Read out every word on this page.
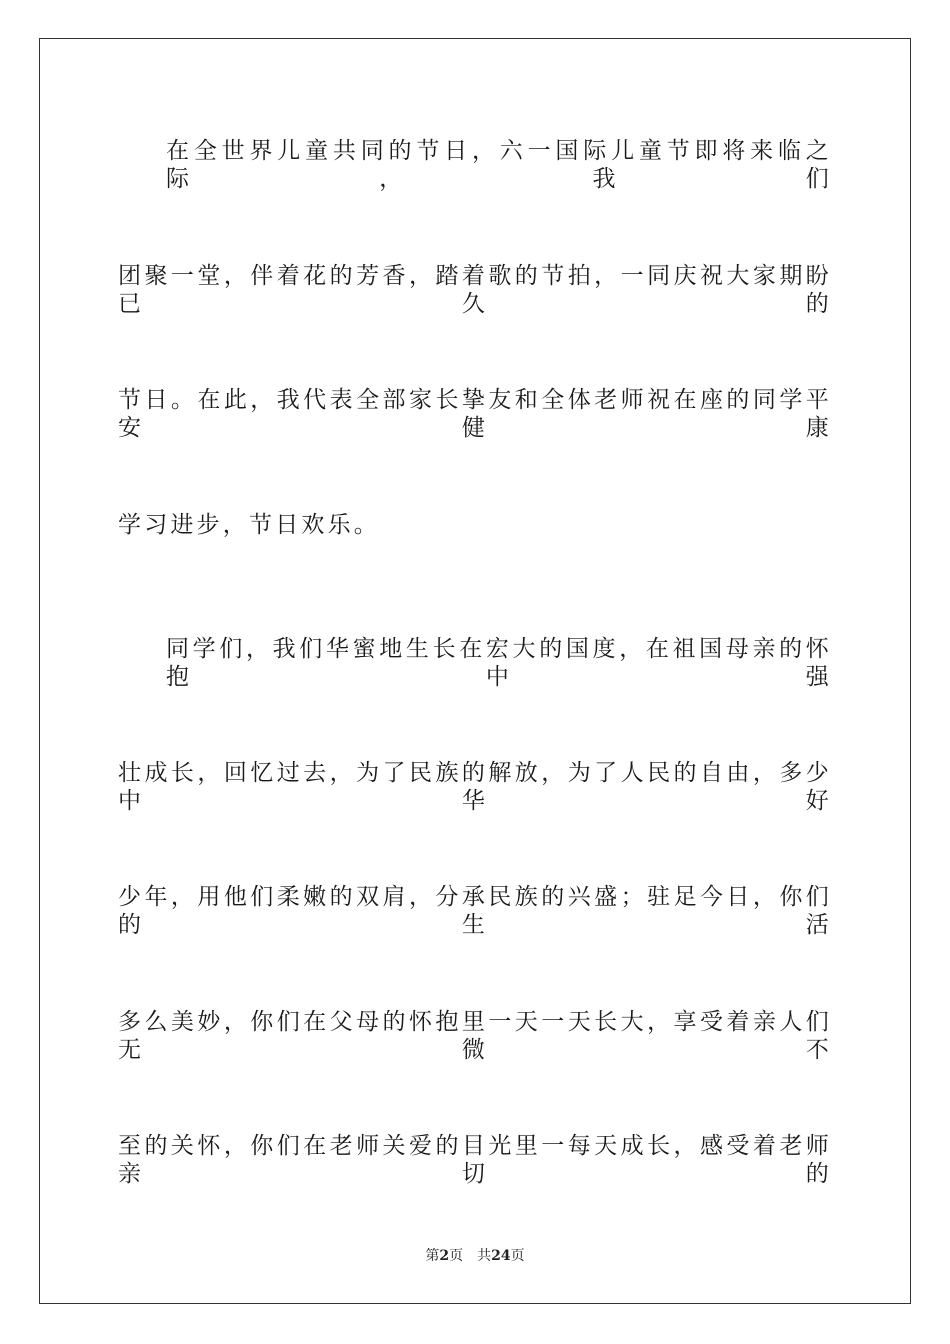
在全世界儿童共同的节日，六一国际儿童节即将来临之际，我们
团聚一堂，伴着花的芳香，踏着歌的节拍，一同庆祝大家期盼已久的
节日。在此，我代表全部家长挚友和全体老师祝在座的同学平安健康
学习进步，节日欢乐。
同学们，我们华蜜地生长在宏大的国度，在祖国母亲的怀抱中强
壮成长，回忆过去，为了民族的解放，为了人民的自由，多少中华好
少年，用他们柔嫩的双肩，分承民族的兴盛；驻足今日，你们的生活
多么美妙，你们在父母的怀抱里一天一天长大，享受着亲人们无微不
至的关怀，你们在老师关爱的目光里一每天成长，感受着老师亲切的
第2页 共24页
